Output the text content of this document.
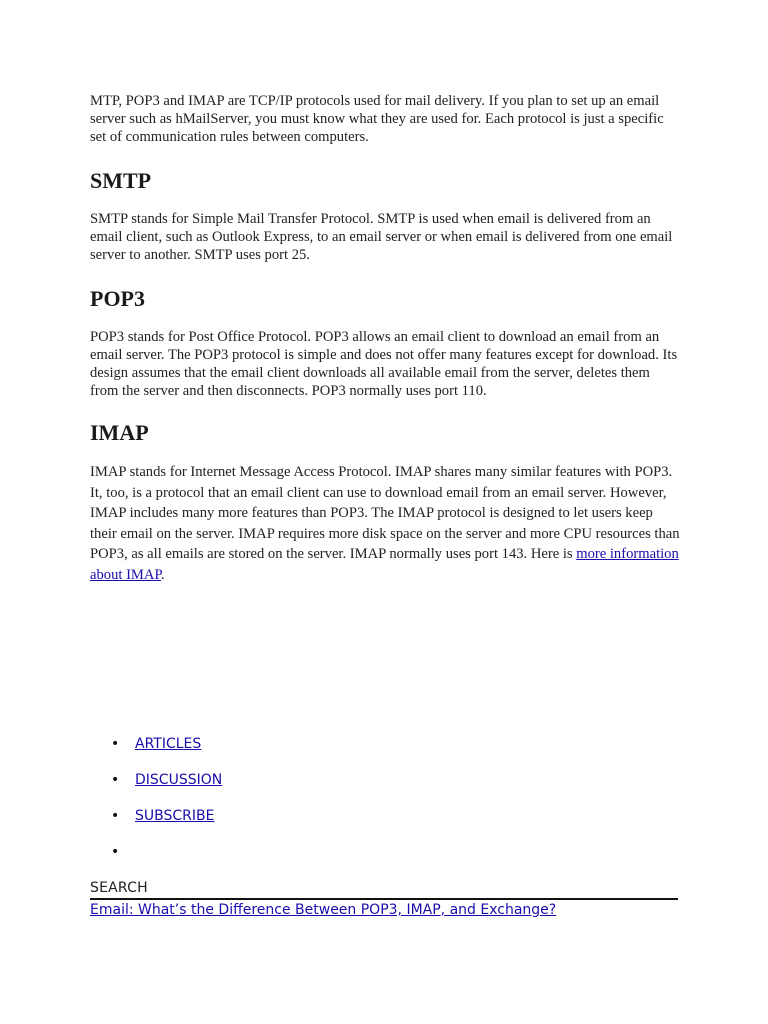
MTP, POP3 and IMAP are TCP/IP protocols used for mail delivery. If you plan to set up an email server such as hMailServer, you must know what they are used for. Each protocol is just a specific set of communication rules between computers.

SMTP

SMTP stands for Simple Mail Transfer Protocol. SMTP is used when email is delivered from an email client, such as Outlook Express, to an email server or when email is delivered from one email server to another. SMTP uses port 25.

POP3

POP3 stands for Post Office Protocol. POP3 allows an email client to download an email from an email server. The POP3 protocol is simple and does not offer many features except for download. Its design assumes that the email client downloads all available email from the server, deletes them from the server and then disconnects. POP3 normally uses port 110.

IMAP

IMAP stands for Internet Message Access Protocol. IMAP shares many similar features with POP3. It, too, is a protocol that an email client can use to download email from an email server. However, IMAP includes many more features than POP3. The IMAP protocol is designed to let users keep their email on the server. IMAP requires more disk space on the server and more CPU resources than POP3, as all emails are stored on the server. IMAP normally uses port 143. Here is more information about IMAP.

• ARTICLES
• DISCUSSION
• SUBSCRIBE
•
SEARCH
Email: What’s the Difference Between POP3, IMAP, and Exchange?
